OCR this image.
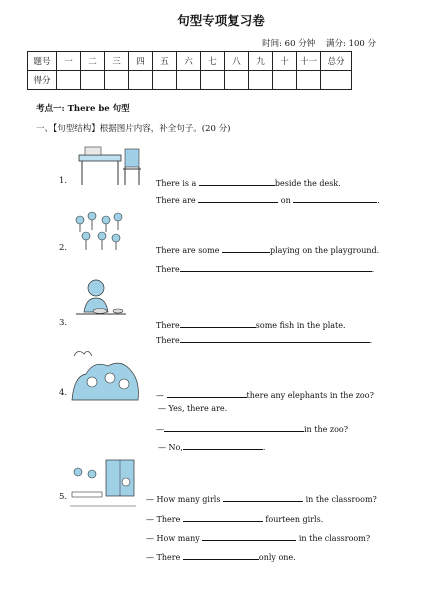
句型专项复习卷
时间: 60 分钟    满分: 100 分
题号	一	二	三	四	五	六	七	八	九	十	十一	总分
得分												
考点一: There be 句型
一、【句型结构】根据图片内容，补全句子。(20 分)
1.	There is a	beside the desk.
There are	on	.
2.	There are some	playing on the playground.
There	.
3.	There	some fish in the plate.
There	.
4.	—	there any elephants in the zoo?
— Yes, there are.
—	in the zoo?
— No,	.
5.	— How many girls	in the classroom?
— There	fourteen girls.
— How many	in the classroom?
— There	only one.
